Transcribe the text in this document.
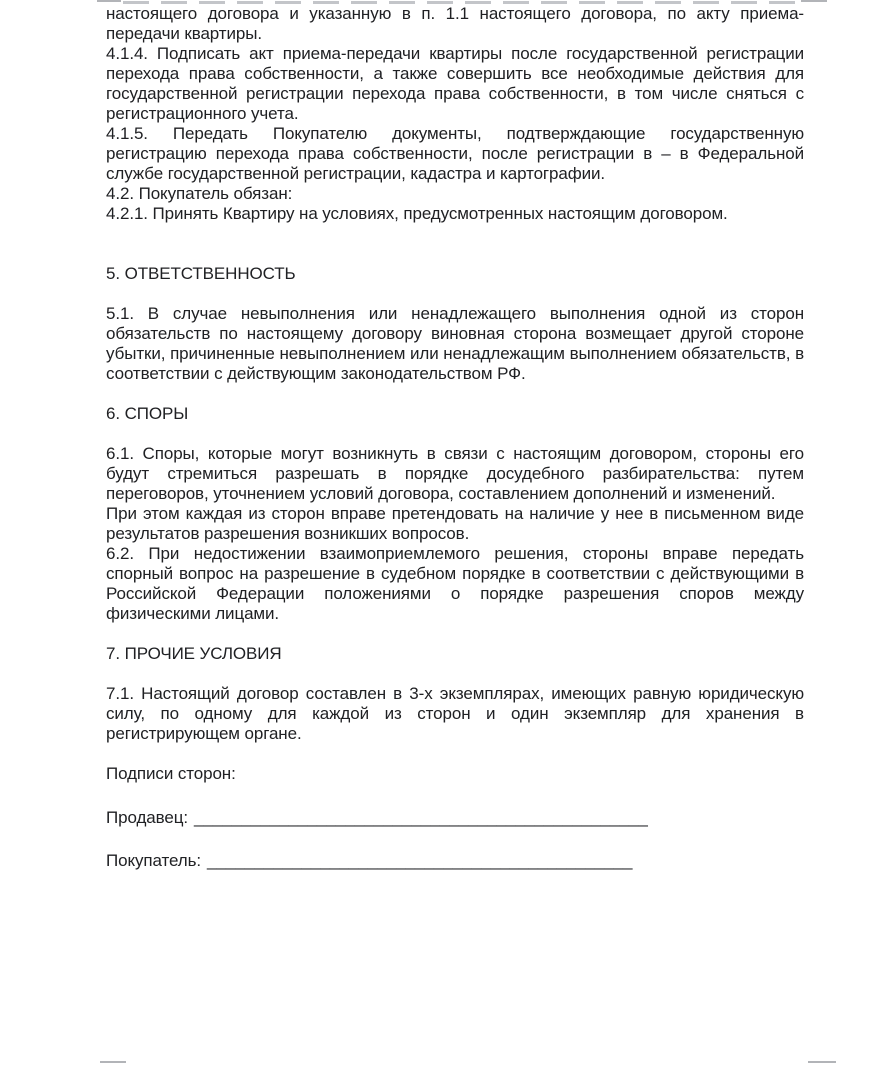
настоящего договора и указанную в п. 1.1 настоящего договора, по акту приема-передачи квартиры.

4.1.4. Подписать акт приема-передачи квартиры после государственной регистрации перехода права собственности, а также совершить все необходимые действия для государственной регистрации перехода права собственности, в том числе сняться с регистрационного учета.

4.1.5. Передать Покупателю документы, подтверждающие государственную регистрацию перехода права собственности, после регистрации в – в Федеральной службе государственной регистрации, кадастра и картографии.

4.2. Покупатель обязан:

4.2.1. Принять Квартиру на условиях, предусмотренных настоящим договором.

5. ОТВЕТСТВЕННОСТЬ

5.1. В случае невыполнения или ненадлежащего выполнения одной из сторон обязательств по настоящему договору виновная сторона возмещает другой стороне убытки, причиненные невыполнением или ненадлежащим выполнением обязательств, в соответствии с действующим законодательством РФ.

6. СПОРЫ

6.1. Споры, которые могут возникнуть в связи с настоящим договором, стороны его будут стремиться разрешать в порядке досудебного разбирательства: путем переговоров, уточнением условий договора, составлением дополнений и изменений.

При этом каждая из сторон вправе претендовать на наличие у нее в письменном виде результатов разрешения возникших вопросов.

6.2. При недостижении взаимоприемлемого решения, стороны вправе передать спорный вопрос на разрешение в судебном порядке в соответствии с действующими в Российской Федерации положениями о порядке разрешения споров между физическими лицами.

7. ПРОЧИЕ УСЛОВИЯ

7.1. Настоящий договор составлен в 3-х экземплярах, имеющих равную юридическую силу, по одному для каждой из сторон и один экземпляр для хранения в регистрирующем органе.

Подписи сторон:

Продавец: ________________________________________________

Покупатель: _____________________________________________
